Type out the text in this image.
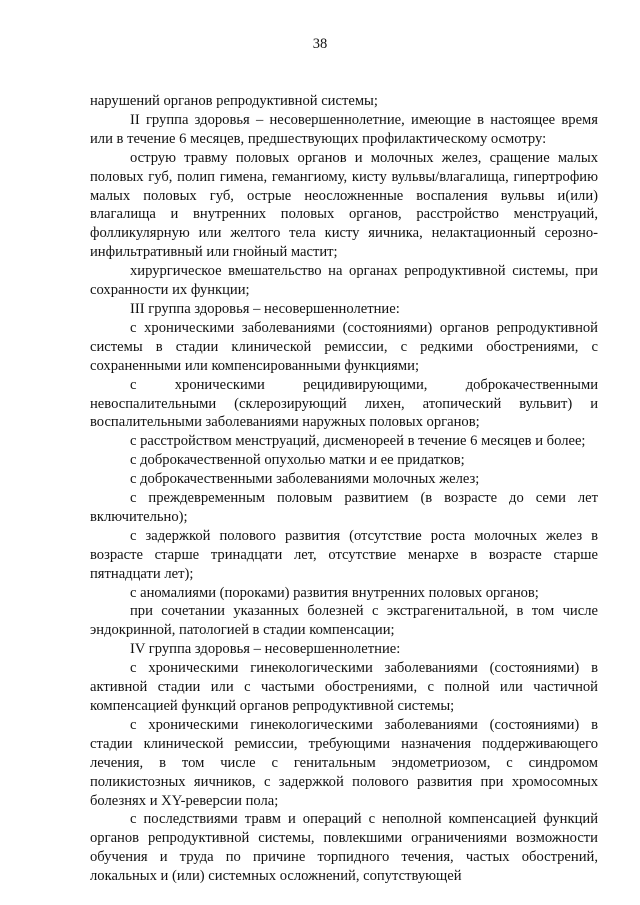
38

нарушений органов репродуктивной системы;

II группа здоровья – несовершеннолетние, имеющие в настоящее время или в течение 6 месяцев, предшествующих профилактическому осмотру:

острую травму половых органов и молочных желез, сращение малых половых губ, полип гимена, гемангиому, кисту вульвы/влагалища, гипертрофию малых половых губ, острые неосложненные воспаления вульвы и(или) влагалища и внутренних половых органов, расстройство менструаций, фолликулярную или желтого тела кисту яичника, нелактационный серозно-инфильтративный или гнойный мастит;

хирургическое вмешательство на органах репродуктивной системы, при сохранности их функции;

III группа здоровья – несовершеннолетние:

с хроническими заболеваниями (состояниями) органов репродуктивной системы в стадии клинической ремиссии, с редкими обострениями, с сохраненными или компенсированными функциями;

с хроническими рецидивирующими, доброкачественными невоспалительными (склерозирующий лихен, атопический вульвит) и воспалительными заболеваниями наружных половых органов;

с расстройством менструаций, дисменореей в течение 6 месяцев и более;

с доброкачественной опухолью матки и ее придатков;

с доброкачественными заболеваниями молочных желез;

с преждевременным половым развитием (в возрасте до семи лет включительно);

с задержкой полового развития (отсутствие роста молочных желез в возрасте старше тринадцати лет, отсутствие менархе в возрасте старше пятнадцати лет);

с аномалиями (пороками) развития внутренних половых органов;

при сочетании указанных болезней с экстрагенитальной, в том числе эндокринной, патологией в стадии компенсации;

IV группа здоровья – несовершеннолетние:

с хроническими гинекологическими заболеваниями (состояниями) в активной стадии или с частыми обострениями, с полной или частичной компенсацией функций органов репродуктивной системы;

с хроническими гинекологическими заболеваниями (состояниями) в стадии клинической ремиссии, требующими назначения поддерживающего лечения, в том числе с генитальным эндометриозом, с синдромом поликистозных яичников, с задержкой полового развития при хромосомных болезнях и XY-реверсии пола;

с последствиями травм и операций с неполной компенсацией функций органов репродуктивной системы, повлекшими ограничениями возможности обучения и труда по причине торпидного течения, частых обострений, локальных и (или) системных осложнений, сопутствующей
